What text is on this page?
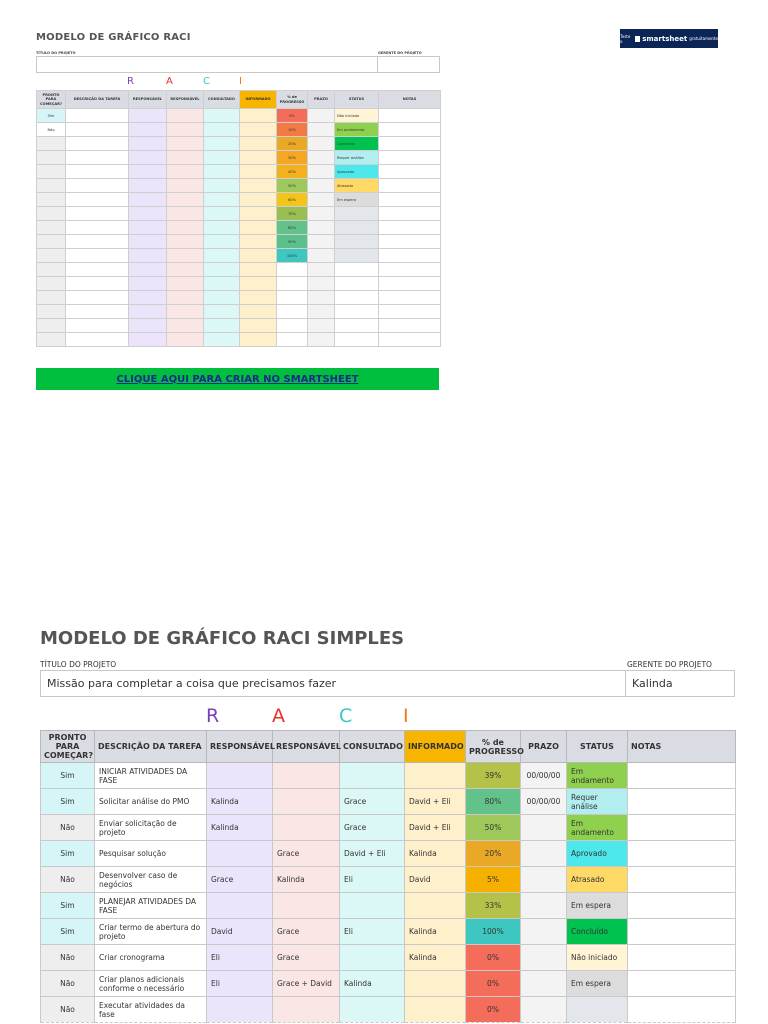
MODELO DE GRÁFICO RACI	Teste o	smartsheet gratuitamente
TÍTULO DO PROJETO	GERENTE DO PROJETO
R	A	C	I
PRONTO PARA COMEÇAR?	DESCRIÇÃO DA TAREFA	RESPONSÁVEL	RESPONSÁVEL	CONSULTADO	INFORMADO	% de PROGRESSO	PRAZO	STATUS	NOTAS
Sim						0%		Não iniciado	
Não						10%		Em andamento	
						20%		Concluído	
						30%		Requer análise	
						40%		Aprovado	
						50%		Atrasado	
						60%		Em espera	
						70%			
						80%			
						90%			
						100%			

CLIQUE AQUI PARA CRIAR NO SMARTSHEET
MODELO DE GRÁFICO RACI SIMPLES
TÍTULO DO PROJETO	GERENTE DO PROJETO
Missão para completar a coisa que precisamos fazer	Kalinda
R	A	C	I
PRONTO PARA COMEÇAR?	DESCRIÇÃO DA TAREFA	RESPONSÁVEL	RESPONSÁVEL	CONSULTADO	INFORMADO	% de PROGRESSO	PRAZO	STATUS	NOTAS
Sim	INICIAR ATIVIDADES DA FASE					39%	00/00/00	Em andamento	
Sim	Solicitar análise do PMO	Kalinda		Grace	David + Eli	80%	00/00/00	Requer análise	
Não	Enviar solicitação de projeto	Kalinda		Grace	David + Eli	50%		Em andamento	
Sim	Pesquisar solução		Grace	David + Eli	Kalinda	20%		Aprovado	
Não	Desenvolver caso de negócios	Grace	Kalinda	Eli	David	5%		Atrasado	
Sim	PLANEJAR ATIVIDADES DA FASE					33%		Em espera	
Sim	Criar termo de abertura do projeto	David	Grace	Eli	Kalinda	100%		Concluído	
Não	Criar cronograma	Eli	Grace		Kalinda	0%		Não iniciado	
Não	Criar planos adicionais conforme o necessário	Eli	Grace + David	Kalinda		0%		Em espera	
Não	Executar atividades da fase					0%			
